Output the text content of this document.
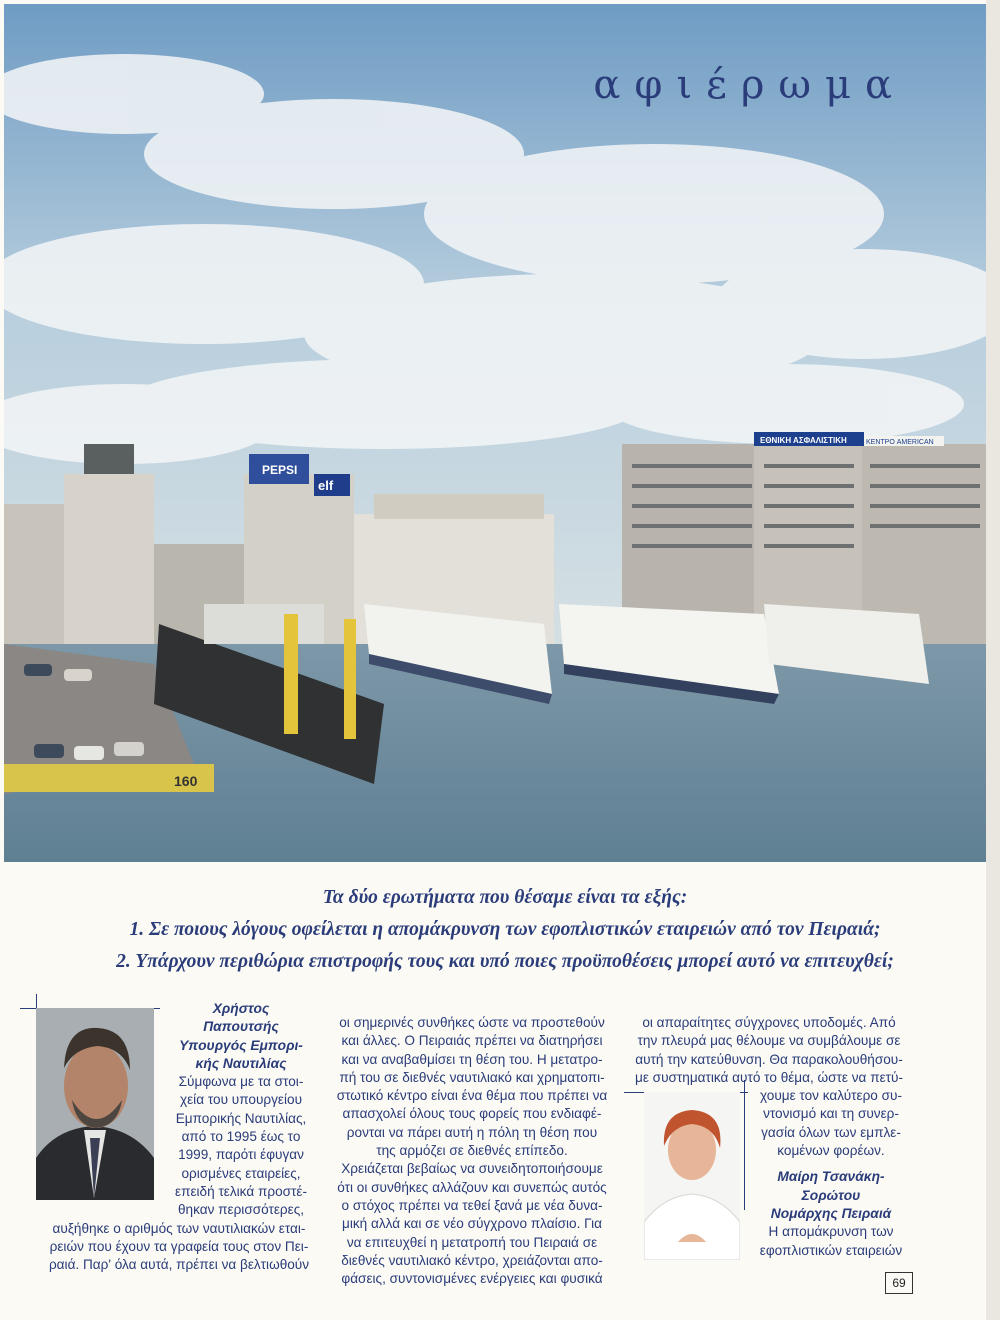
PEPSI
elf
ΕΘΝΙΚΗ ΑΣΦΑΛΙΣΤΙΚΗ	ΚΕΝΤΡΟ AMERICAN
160
αφιέρωμα
Τα δύο ερωτήματα που θέσαμε είναι τα εξής:
1. Σε ποιους λόγους οφείλεται η απομάκρυνση των εφοπλιστικών εταιρειών από τον Πειραιά;
2. Υπάρχουν περιθώρια επιστροφής τους και υπό ποιες προϋποθέσεις μπορεί αυτό να επιτευχθεί;
Χρήστος
Παπουτσής
Υπουργός Εμπορι-
κής Ναυτιλίας

Σύμφωνα με τα στοι-

χεία του υπουργείου

Εμπορικής Ναυτιλίας,

από το 1995 έως το

1999, παρότι έφυγαν

ορισμένες εταιρείες,

επειδή τελικά προστέ-

θηκαν περισσότερες,

αυξήθηκε ο αριθμός των ναυτιλιακών εται-

ρειών που έχουν τα γραφεία τους στον Πει-

ραιά. Παρ' όλα αυτά, πρέπει να βελτιωθούν

οι σημερινές συνθήκες ώστε να προστεθούν

και άλλες. Ο Πειραιάς πρέπει να διατηρήσει

και να αναβαθμίσει τη θέση του. Η μετατρο-

πή του σε διεθνές ναυτιλιακό και χρηματοπι-

στωτικό κέντρο είναι ένα θέμα που πρέπει να

απασχολεί όλους τους φορείς που ενδιαφέ-

ρονται να πάρει αυτή η πόλη τη θέση που

της αρμόζει σε διεθνές επίπεδο.

Χρειάζεται βεβαίως να συνειδητοποιήσουμε

ότι οι συνθήκες αλλάζουν και συνεπώς αυτός

ο στόχος πρέπει να τεθεί ξανά με νέα δυνα-

μική αλλά και σε νέο σύγχρονο πλαίσιο. Για

να επιτευχθεί η μετατροπή του Πειραιά σε

διεθνές ναυτιλιακό κέντρο, χρειάζονται απο-

φάσεις, συντονισμένες ενέργειες και φυσικά

οι απαραίτητες σύγχρονες υποδομές. Από

την πλευρά μας θέλουμε να συμβάλουμε σε

αυτή την κατεύθυνση. Θα παρακολουθήσου-

με συστηματικά αυτό το θέμα, ώστε να πετύ-

χουμε τον καλύτερο συ-

ντονισμό και τη συνερ-

γασία όλων των εμπλε-

κομένων φορέων.

Μαίρη Τσανάκη-
Σορώτου
Νομάρχης Πειραιά

Η απομάκρυνση των

εφοπλιστικών εταιρειών

69
